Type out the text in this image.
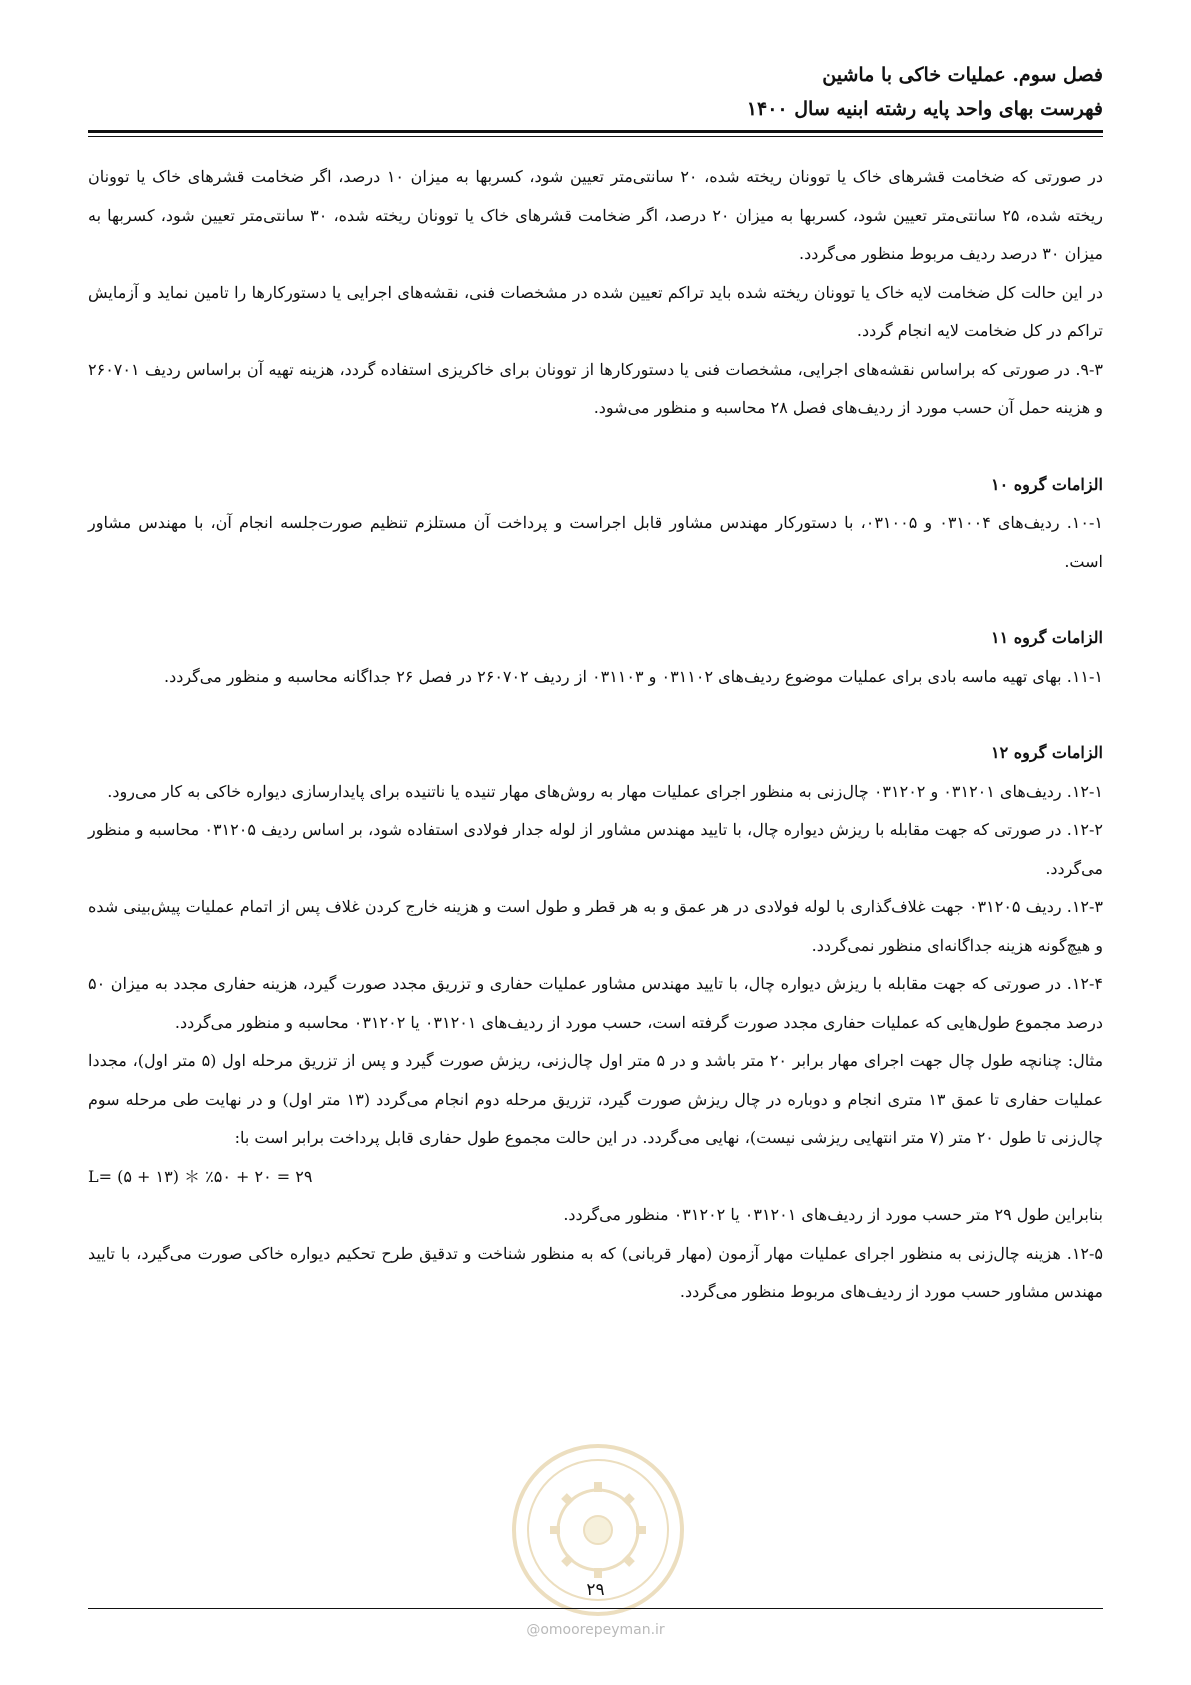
فصل سوم. عملیات خاکی با ماشین
فهرست بهای واحد پایه رشته ابنیه سال ۱۴۰۰

در صورتی که ضخامت قشرهای خاک یا توونان ریخته شده، ۲۰ سانتی‌متر تعیین شود، کسربها به میزان ۱۰ درصد، اگر ضخامت قشرهای خاک یا توونان ریخته شده، ۲۵ سانتی‌متر تعیین شود، کسربها به میزان ۲۰ درصد، اگر ضخامت قشرهای خاک یا توونان ریخته شده، ۳۰ سانتی‌متر تعیین شود، کسربها به میزان ۳۰ درصد ردیف مربوط منظور می‌گردد.

در این حالت کل ضخامت لایه خاک یا توونان ریخته شده باید تراکم تعیین شده در مشخصات فنی، نقشه‌های اجرایی یا دستورکارها را تامین نماید و آزمایش تراکم در کل ضخامت لایه انجام گردد.

۹-۳. در صورتی که براساس نقشه‌های اجرایی، مشخصات فنی یا دستورکارها از توونان برای خاکریزی استفاده گردد، هزینه تهیه آن براساس ردیف ۲۶۰۷۰۱ و هزینه حمل آن حسب مورد از ردیف‌های فصل ۲۸ محاسبه و منظور می‌شود.

الزامات گروه ۱۰

۱۰-۱. ردیف‌های ۰۳۱۰۰۴ و ۰۳۱۰۰۵، با دستورکار مهندس مشاور قابل اجراست و پرداخت آن مستلزم تنظیم صورت‌جلسه انجام آن، با مهندس مشاور است.

الزامات گروه ۱۱

۱۱-۱. بهای تهیه ماسه بادی برای عملیات موضوع ردیف‌های ۰۳۱۱۰۲ و ۰۳۱۱۰۳ از ردیف ۲۶۰۷۰۲ در فصل ۲۶ جداگانه محاسبه و منظور می‌گردد.

الزامات گروه ۱۲

۱۲-۱. ردیف‌های ۰۳۱۲۰۱ و ۰۳۱۲۰۲ چال‌زنی به منظور اجرای عملیات مهار به روش‌های مهار تنیده یا ناتنیده برای پایدارسازی دیواره خاکی به کار می‌رود.

۱۲-۲. در صورتی که جهت مقابله با ریزش دیواره چال، با تایید مهندس مشاور از لوله جدار فولادی استفاده شود، بر اساس ردیف ۰۳۱۲۰۵ محاسبه و منظور می‌گردد.

۱۲-۳. ردیف ۰۳۱۲۰۵ جهت غلاف‌گذاری با لوله فولادی در هر عمق و به هر قطر و طول است و هزینه خارج کردن غلاف پس از اتمام عملیات پیش‌بینی شده و هیچ‌گونه هزینه جداگانه‌ای منظور نمی‌گردد.

۱۲-۴. در صورتی که جهت مقابله با ریزش دیواره چال، با تایید مهندس مشاور عملیات حفاری و تزریق مجدد صورت گیرد، هزینه حفاری مجدد به میزان ۵۰ درصد مجموع طول‌هایی که عملیات حفاری مجدد صورت گرفته است، حسب مورد از ردیف‌های ۰۳۱۲۰۱ یا ۰۳۱۲۰۲ محاسبه و منظور می‌گردد.

مثال: چنانچه طول چال جهت اجرای مهار برابر ۲۰ متر باشد و در ۵ متر اول چال‌زنی، ریزش صورت گیرد و پس از تزریق مرحله اول (۵ متر اول)، مجددا عملیات حفاری تا عمق ۱۳ متری انجام و دوباره در چال ریزش صورت گیرد، تزریق مرحله دوم انجام می‌گردد (۱۳ متر اول) و در نهایت طی مرحله سوم چال‌زنی تا طول ۲۰ متر (۷ متر انتهایی ریزشی نیست)، نهایی می‌گردد. در این حالت مجموع طول حفاری قابل پرداخت برابر است با:

L= (۵ + ۱۳) ＊ ٪۵۰ + ۲۰ = ۲۹

بنابراین طول ۲۹ متر حسب مورد از ردیف‌های ۰۳۱۲۰۱ یا ۰۳۱۲۰۲ منظور می‌گردد.

۱۲-۵. هزینه چال‌زنی به منظور اجرای عملیات مهار آزمون (مهار قربانی) که به منظور شناخت و تدقیق طرح تحکیم دیواره خاکی صورت می‌گیرد، با تایید مهندس مشاور حسب مورد از ردیف‌های مربوط منظور می‌گردد.

۲۹
@omoorepeyman.ir
